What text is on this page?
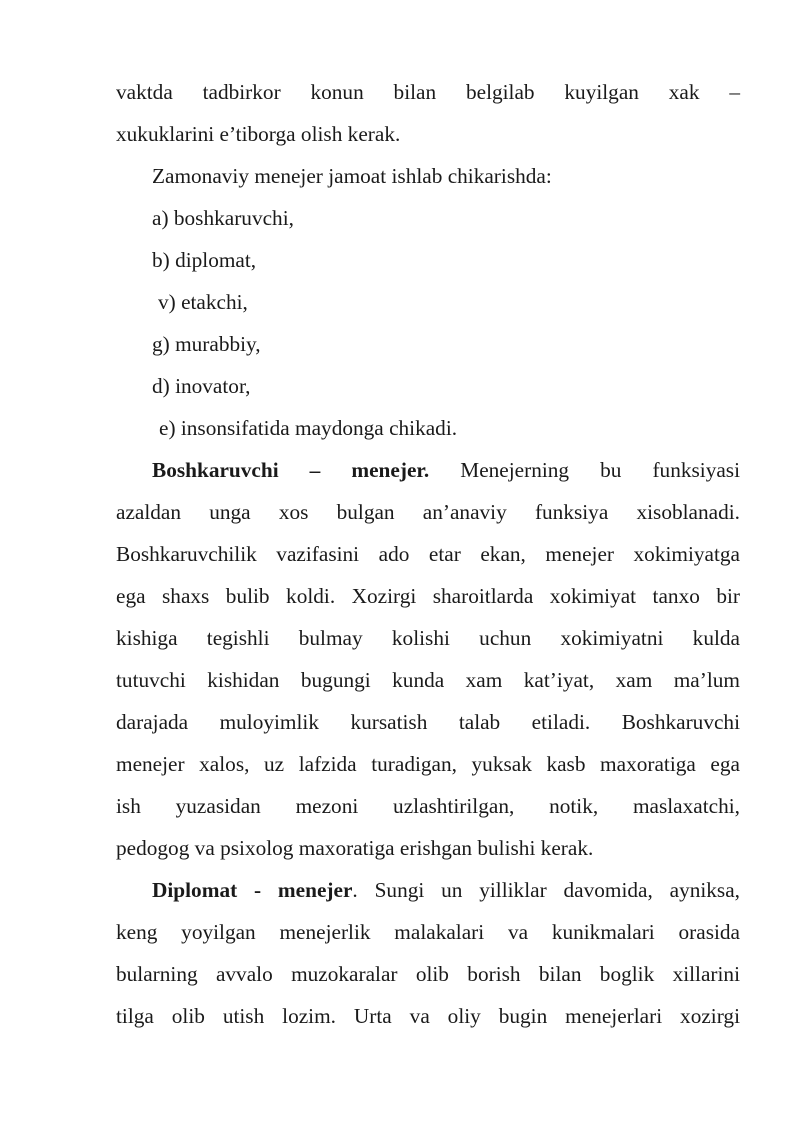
vaktda tadbirkor konun bilan belgilab kuyilgan xak –
xukuklarini e’tiborga olish kerak.
Zamonaviy menejer jamoat ishlab chikarishda:
a) boshkaruvchi,
b) diplomat,
v) etakchi,
g) murabbiy,
d) inovator,
e) insonsifatida maydonga chikadi.
Boshkaruvchi – menejer. Menejerning bu funksiyasi
azaldan unga xos bulgan an’anaviy funksiya xisoblanadi.
Boshkaruvchilik vazifasini ado etar ekan, menejer xokimiyatga
ega shaxs bulib koldi. Xozirgi sharoitlarda xokimiyat tanxo bir
kishiga tegishli bulmay kolishi uchun xokimiyatni kulda
tutuvchi kishidan bugungi kunda xam kat’iyat, xam ma’lum
darajada muloyimlik kursatish talab etiladi. Boshkaruvchi
menejer xalos, uz lafzida turadigan, yuksak kasb maxoratiga ega
ish yuzasidan mezoni uzlashtirilgan, notik, maslaxatchi,
pedogog va psixolog maxoratiga erishgan bulishi kerak.
Diplomat - menejer. Sungi un yilliklar davomida, ayniksa,
keng yoyilgan menejerlik malakalari va kunikmalari orasida
bularning avvalo muzokaralar olib borish bilan boglik xillarini
tilga olib utish lozim. Urta va oliy bugin menejerlari xozirgi
